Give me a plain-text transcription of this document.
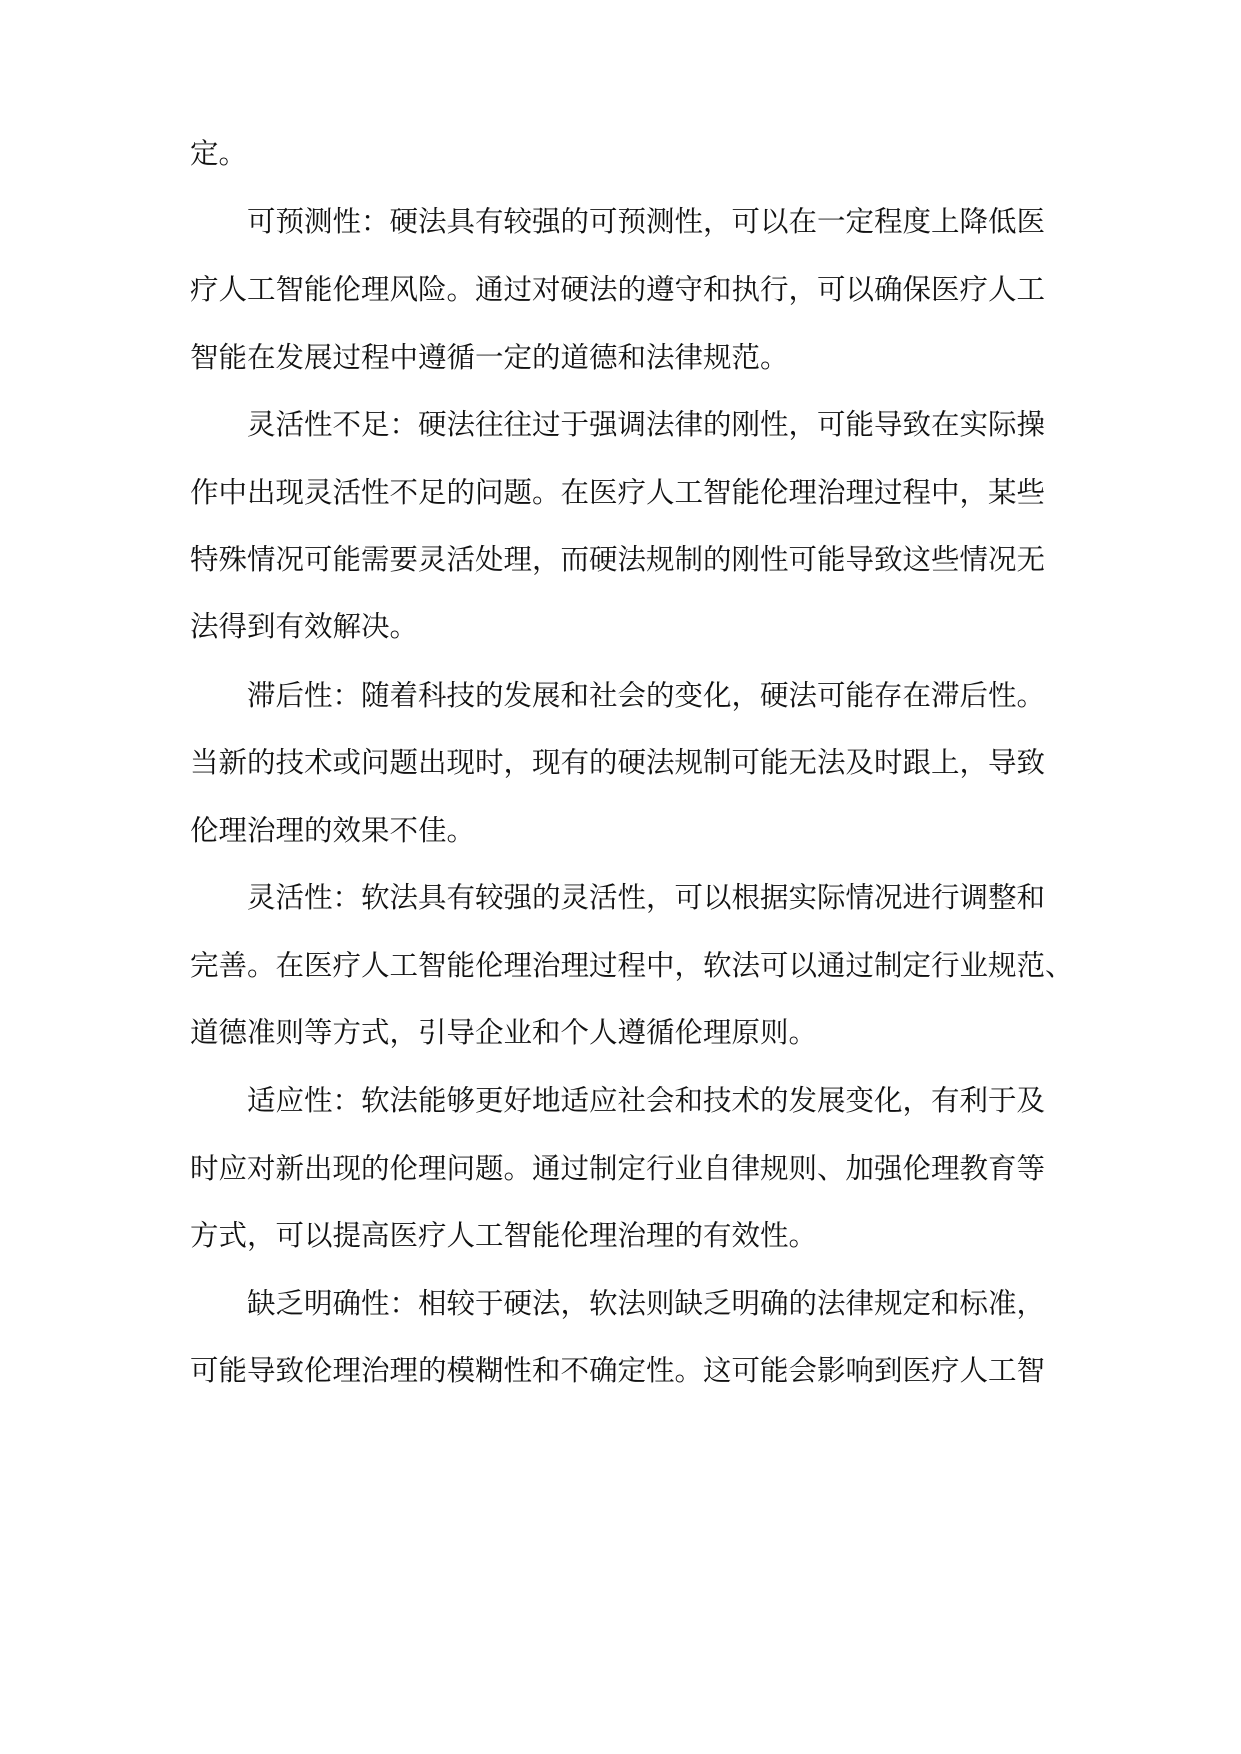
定。
可预测性：硬法具有较强的可预测性，可以在一定程度上降低医
疗人工智能伦理风险。通过对硬法的遵守和执行，可以确保医疗人工
智能在发展过程中遵循一定的道德和法律规范。
灵活性不足：硬法往往过于强调法律的刚性，可能导致在实际操
作中出现灵活性不足的问题。在医疗人工智能伦理治理过程中，某些
特殊情况可能需要灵活处理，而硬法规制的刚性可能导致这些情况无
法得到有效解决。
滞后性：随着科技的发展和社会的变化，硬法可能存在滞后性。
当新的技术或问题出现时，现有的硬法规制可能无法及时跟上，导致
伦理治理的效果不佳。
灵活性：软法具有较强的灵活性，可以根据实际情况进行调整和
完善。在医疗人工智能伦理治理过程中，软法可以通过制定行业规范、
道德准则等方式，引导企业和个人遵循伦理原则。
适应性：软法能够更好地适应社会和技术的发展变化，有利于及
时应对新出现的伦理问题。通过制定行业自律规则、加强伦理教育等
方式，可以提高医疗人工智能伦理治理的有效性。
缺乏明确性：相较于硬法，软法则缺乏明确的法律规定和标准，
可能导致伦理治理的模糊性和不确定性。这可能会影响到医疗人工智
